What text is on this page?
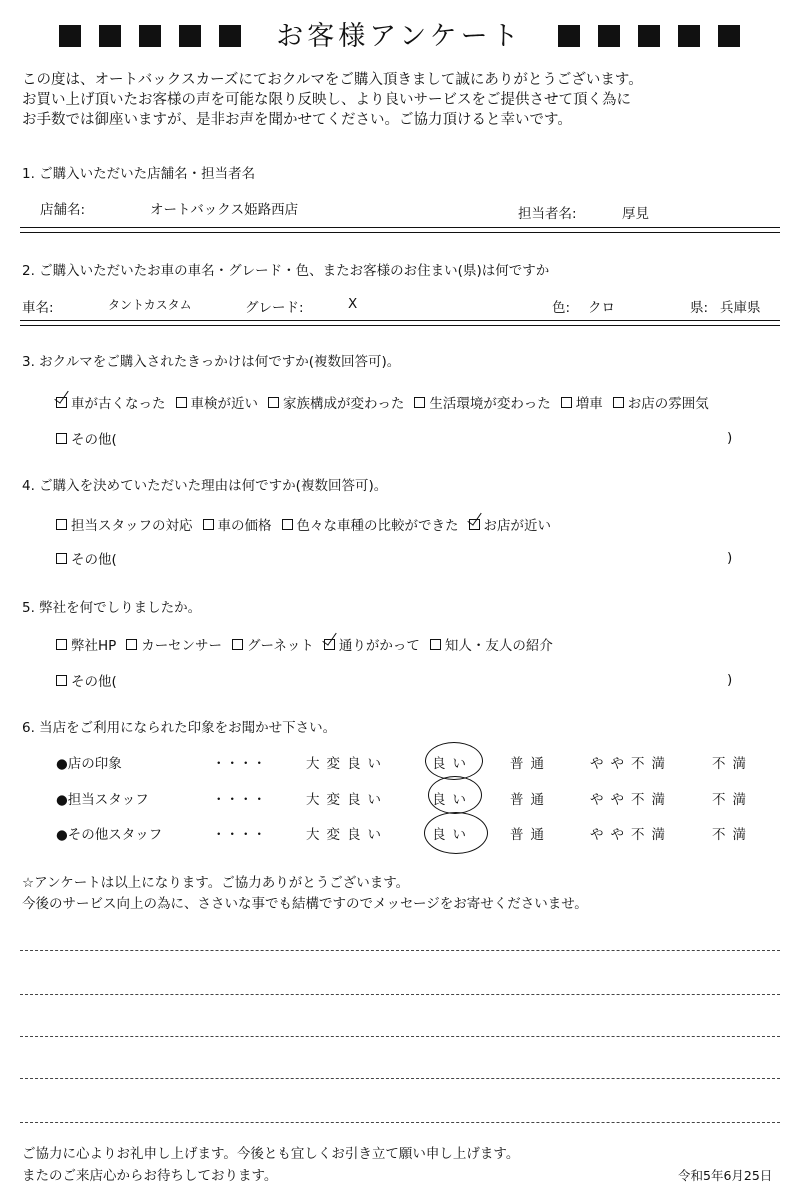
お客様アンケート
この度は、オートバックスカーズにておクルマをご購入頂きまして誠にありがとうございます。
お買い上げ頂いたお客様の声を可能な限り反映し、より良いサービスをご提供させて頂く為に
お手数では御座いますが、是非お声を聞かせてください。ご協力頂けると幸いです。
1. ご購入いただいた店舗名・担当者名
店舗名:	オートバックス姫路西店	担当者名:	厚見
2. ご購入いただいたお車の車名・グレード・色、またお客様のお住まい(県)は何ですか
車名:	タントカスタム	グレード:	X	色: クロ	県: 兵庫県
3. おクルマをご購入されたきっかけは何ですか(複数回答可)。
車が古くなった 車検が近い 家族構成が変わった 生活環境が変わった 増車 お店の雰囲気
その他(	)
4. ご購入を決めていただいた理由は何ですか(複数回答可)。
担当スタッフの対応 車の価格 色々な車種の比較ができた お店が近い
その他(	)
5. 弊社を何でしりましたか。
弊社HP カーセンサー グーネット 通りがかって 知人・友人の紹介
その他(	)
6. 当店をご利用になられた印象をお聞かせ下さい。
●店の印象	・・・・	大変良い	良い	普通	やや不満	不満
●担当スタッフ	・・・・	大変良い	良い	普通	やや不満	不満
●その他スタッフ	・・・・	大変良い	良い	普通	やや不満	不満
☆アンケートは以上になります。ご協力ありがとうございます。
今後のサービス向上の為に、ささいな事でも結構ですのでメッセージをお寄せくださいませ。
ご協力に心よりお礼申し上げます。今後とも宜しくお引き立て願い申し上げます。
またのご来店心からお待ちしております。	令和5年6月25日
